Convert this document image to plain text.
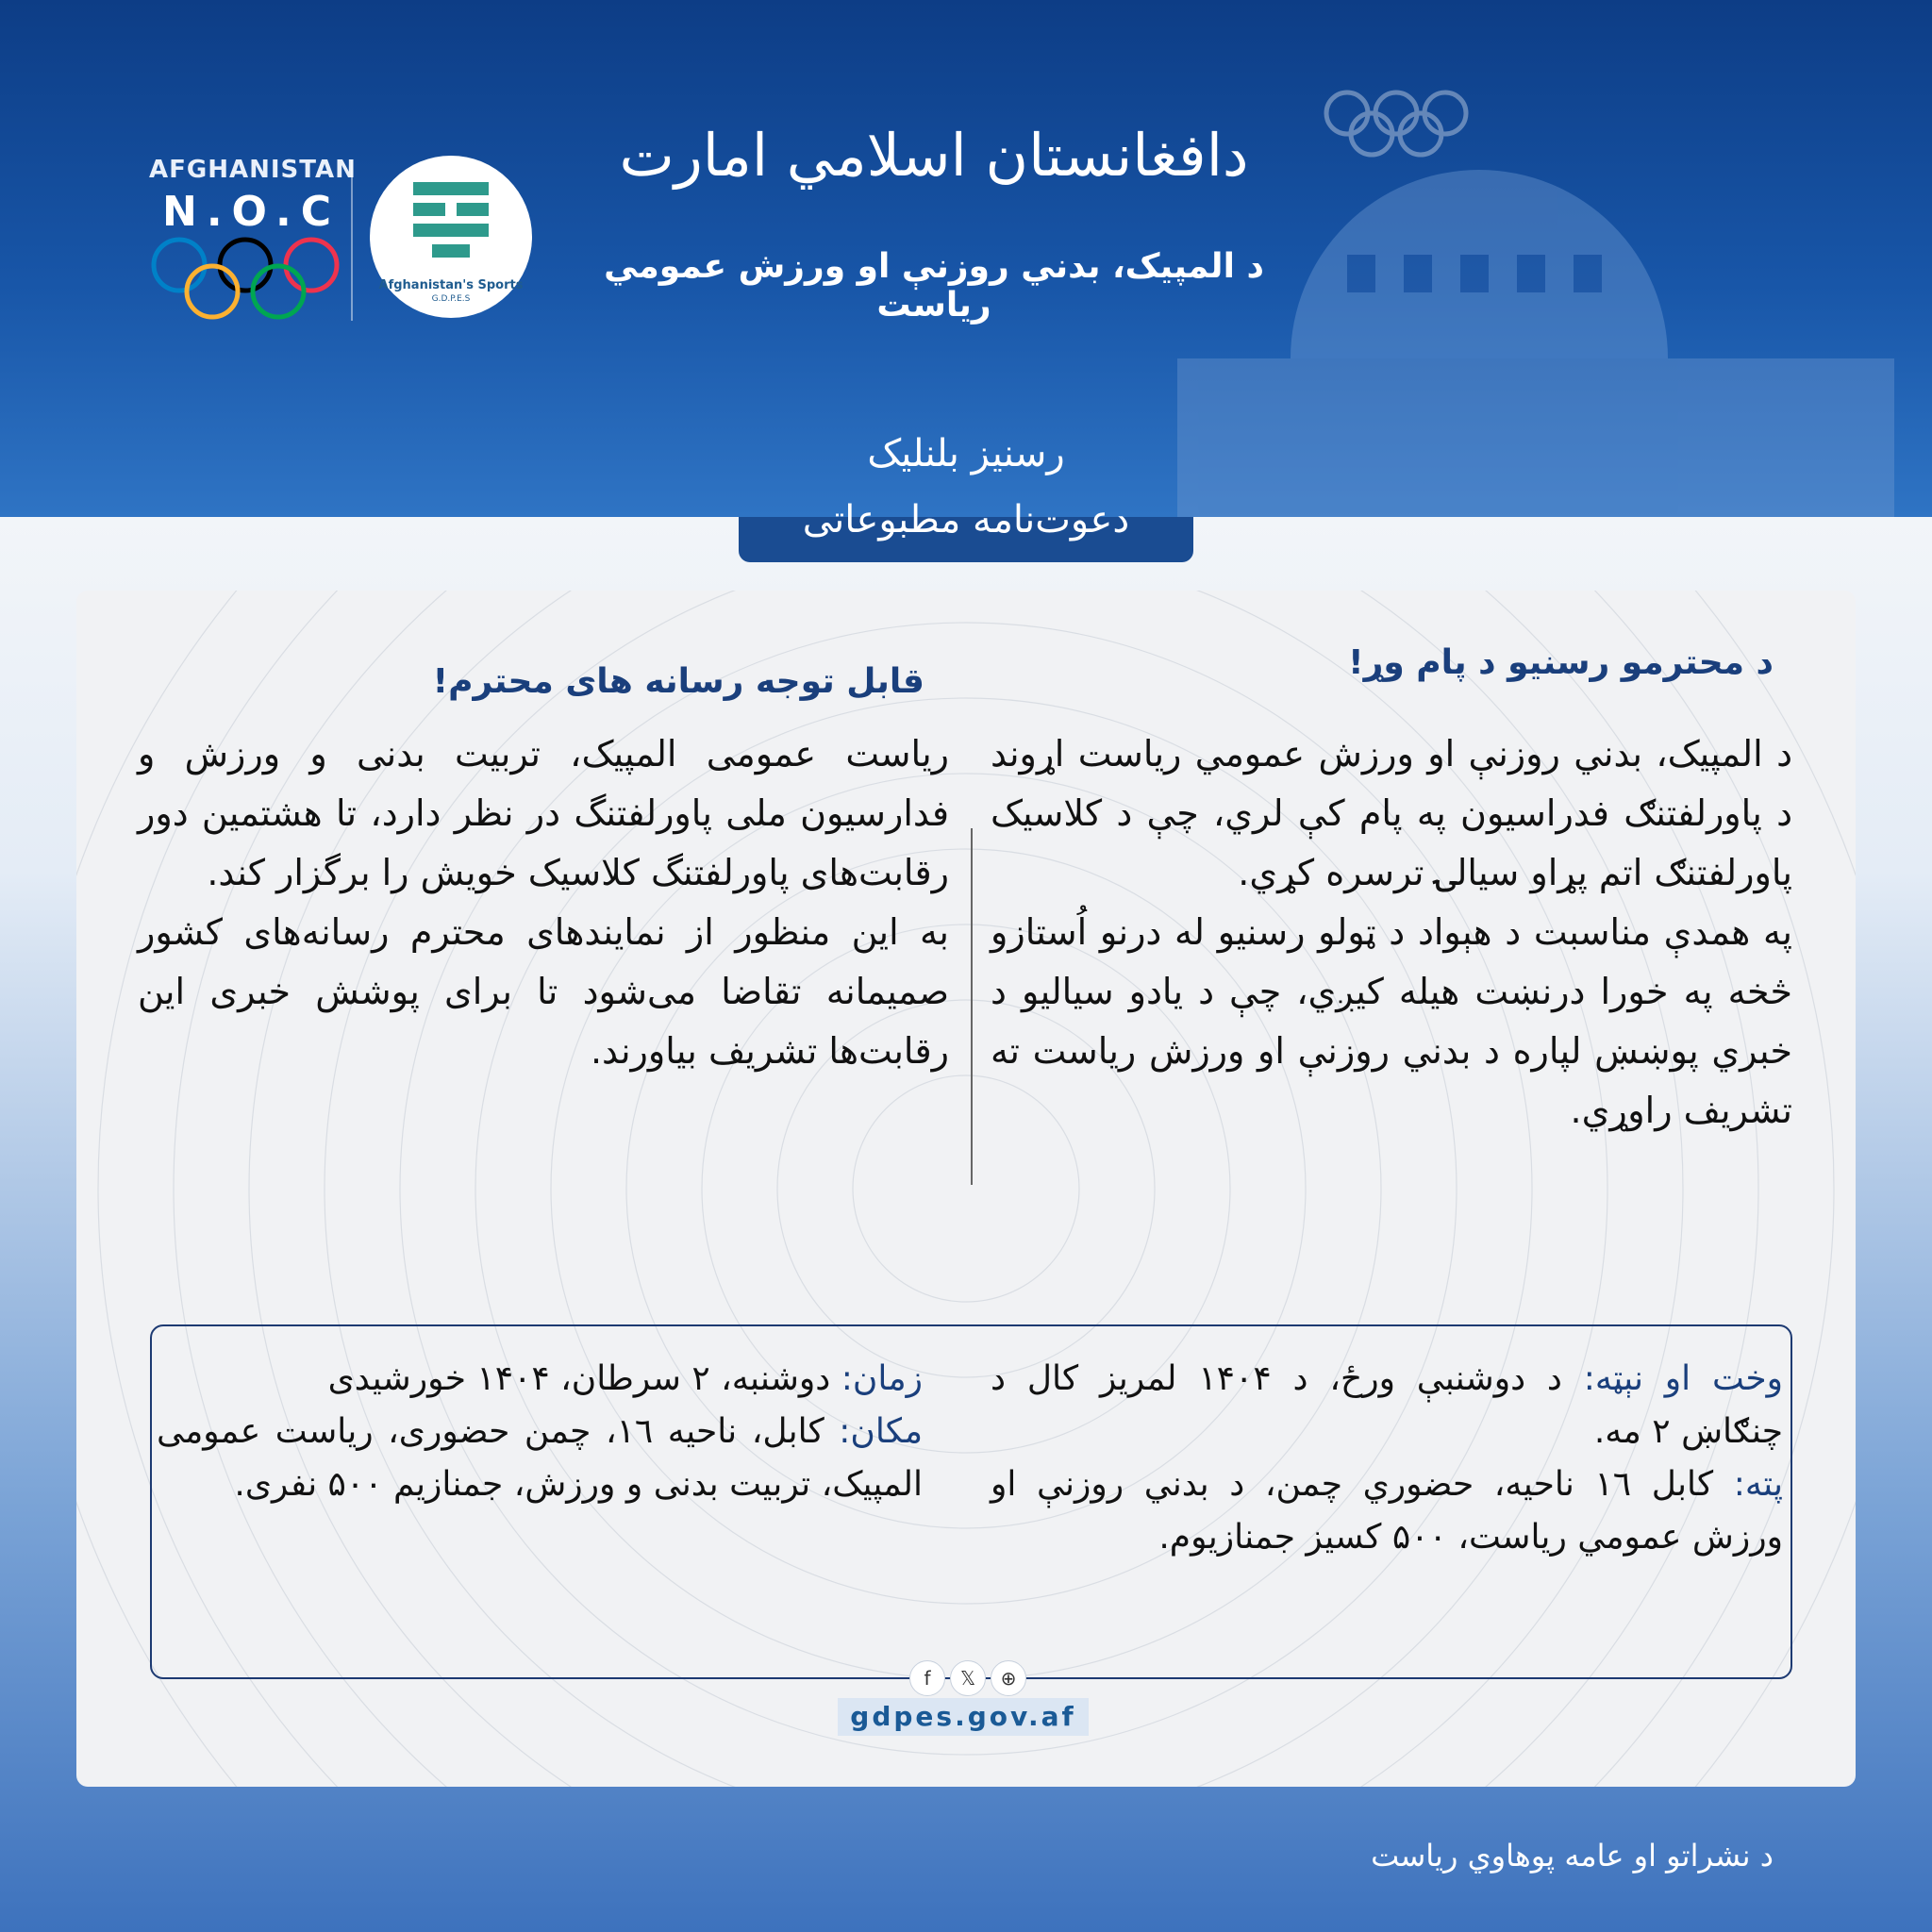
AFGHANISTAN
N.O.C
Afghanistan's Sports
G.D.P.E.S
دافغانستان اسلامي امارت
د المپیک، بدني روزنې او ورزش عمومي ریاست
رسنیز بلنلیک
دعوت‌نامه مطبوعاتی
د محترمو رسنیو د پام وړ!

د المپیک، بدني روزنې او ورزش عمومي ریاست اړوند د پاورلفتنګ فدراسیون په پام کې لري، چې د کلاسیک پاورلفتنګ اتم پړاو سیالۍ ترسره کړي.

په همدې مناسبت د هېواد د ټولو رسنیو له درنو اُستازو څخه په خورا درنښت هیله کیږي، چې د یادو سیالیو د خبري پوښښ لپاره د بدني روزنې او ورزش ریاست ته تشریف راوړي.

قابل توجه رسانه های محترم!

ریاست عمومی المپیک، تربیت بدنی و ورزش و فدارسیون ملی پاورلفتنگ در نظر دارد، تا هشتمین دور رقابت‌های پاورلفتنگ کلاسیک خویش را برگزار کند.

به این منظور از نمایندهای محترم رسانه‌های کشور صمیمانه تقاضا می‌شود تا برای پوشش خبری این رقابت‌ها تشریف بیاورند.

وخت او نېټه: د دوشنبې ورځ، د ۱۴۰۴ لمریز کال د چنګاښ ۲ مه.

پته: کابل ۱٦ ناحیه، حضوري چمن، د بدني روزنې او ورزش عمومي ریاست، ۵۰۰ کسیز جمنازیوم.

زمان: دوشنبه، ۲ سرطان، ۱۴۰۴ خورشیدی

مکان: کابل، ناحیه ۱٦، چمن حضوری، ریاست عمومی المپیک، تربیت بدنی و ورزش، جمنازیم ۵۰۰ نفری.

f	𝕏	⊕
gdpes.gov.af
د نشراتو او عامه پوهاوي ریاست
